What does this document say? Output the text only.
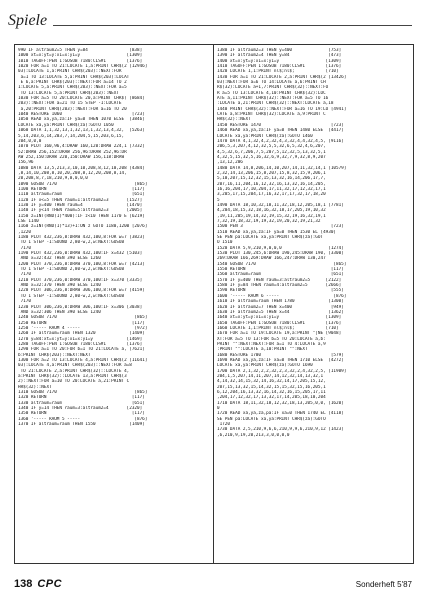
Spiele
990 IF altraum2=5 THEN y=84                [838]
1000 xt=x:yt=y:x1=x:y1=y                  [1309]
1010 TAGOFF:PEN 1:GOSUB 7180:CLS#1        [1376]
1020 FOR a=1 TO 21:LOCATE 1,a:PRINT CHR$(2 [12946]
03):LOCATE 1,a:PRINT CHR$(203)::NEXT:FOR
a=1 TO 13:LOCATE 5,a:PRINT CHR$(203):LOCAT
E 6,a:PRINT CHR$(203)::NEXT:FOR a=14 TO 2
1:LOCATE 5,a:PRINT CHR$(203)::NEXT:FOR a=5
TO 13:LOCATE 5,a:PRINT CHR$(203)::NEXT
1030 FOR a=5 TO 20:LOCATE 20,a:PRINT CHR$( [8684]
203)::NEXT:FOR a=21 TO 15 STEP -1:LOCATE
a,20:PRINT CHR$(203)::NEXT:FOR a=16 TO 20
1040 RESTORE 1060                           [723]
1050 READ xa,ya,za:IF ya=0 THEN 1070 ELSE  [3846]
LOCATE xa,ya:PRINT CHR$(za):GOTO 1050
1060 DATA 1,1,32,13,1,32,13,1,32,13,4,32,  [5263]
5,14,203,6,14,203,7,14,204,5,15,203,6,15,
204,0,0,0
1070 PLOT 160,96,4:DRAW 160,120:DRAW 224,1 [7332]
52:DRAW 256,152:DRAW 256,96:DRAW 252,96:DR
AW 252,150:DRAW 220,150:DRAW 156,118:DRAW
156,96
1080 DATA 13,5,213,3,10,10,208,8,12,10,208 [4384]
,8,14,10,208,8,10,20,208,8,12,20,208,8,14,
20,208,8,7,18,210,9,0,0,0,0
1090 GOSUB 7170                              [865]
1100 RETURN                                 [117]
1110 altraum=raum                           [651]
1120 IF x<=5 THEN raum=1:altraum2=3       [1527]
1130 IF y=400 THEN raum=4                 [1470]
1140 IF y<14 THEN raum=5:altraum2=3       [2005]
1150 z=INT(RND(1)*400):IF z<10 THEN 1170 E [6219]
LSE 1140
1160 z=INT(RND(1)*13)+1:ON z GOTO 1180,1200 [2076]
,1220
1180 PLOT 432,236,8:DRAW 432,100,8:FOR w=7 [3823]
TO 1 STEP -1:SOUND 2,80-w,2,w:NEXT:GOSUB
7170
1190 PLOT 432,236,0:DRAW 432,100:IF x=432 [5103]
AND x=32:432 THEN 390 ELSE 1260
1200 PLOT 370,236,8:DRAW 370,100,8:FOR w=7 [4213]
TO 1 STEP -1:SOUND 2,80-w,2,w:NEXT:GOSUB
7170
1210 PLOT 370,236,0:DRAW 370,100:IF x=370 [3335]
AND x=32:370 THEN 390 ELSE 1240
1220 PLOT 306,236,8:DRAW 306,100,8:FOR w=7 [4159]
TO 1 STEP -1:SOUND 2,80-w,2,w:NEXT:GOSUB
7170
1230 PLOT 306,236,0:DRAW 306,100:IF x=306 [3038]
AND x=32:306 THEN 390 ELSE 1240
1240 GOSUB 7170                              [865]
1250 RETURN                                 [117]
1250 '----- RAUM 4 -----                     [972]
1260 IF altraum=raum THEN 1320             [1409]
1270 y=84:xt=x:yt=y:x1=x:y1=y             [1469]
1280 TAGOFF:PEN 1:GOSUB 7180:CLS#1        [1376]
1290 FOR a=1 TO 20:FOR b=1 TO 21:LOCATE a, [7621]
b:PRINT CHR$(203)::NEXT:NEXT
1300 FOR a=2 TO 13:LOCATE 4,a:PRINT CHR$(2 [11641]
03):LOCATE 4,a:PRINT CHR$(203)::NEXT:FOR a=8
TO 21:LOCATE 2,a:PRINT CHR$(32)::LOCATE 4,
a:PRINT CHR$(32)::LOCATE 13,a:PRINT CHR$(3
2)::NEXT:FOR a=10 TO 20:LOCATE a,21:PRINT C
HR$(32)::NEXT
1310 GOSUB 7170                              [865]
1320 RETURN                                 [117]
1330 altraum=raum                           [651]
1340 IF y=14 THEN raum=3:altraum2=4       [2320]
1350 RETURN                                 [117]
1360 '----- RAUM 5 -----                     [876]
1370 IF altraum=raum THEN 1550             [1409]
1380 IF altraum2=3 THEN y=400              [753]
1390 IF altraum2=4 THEN y=84               [473]
1400 xt=x:yt=y:x1=x:y1=y                  [1309]
1410 TAGOFF:PEN 1:GOSUB 7180:CLS#1        [1376]
1420 LOCATE 1,1:PRINT nl$;nl$;            [710]
1430 FOR a=1 TO 21:LOCATE 2,a:PRINT CHR$(2 [13426]
03):NEXT:FOR a=6 TO 14:LOCATE a,6:PRINT CH
R$(32):LOCATE a+1,7:PRINT CHR$(32)::NEXT:FO
R a=5 TO 13:LOCATE 4,10:PRINT CHR$(32):LOC
ATE a,11:PRINT CHR$(32)::NEXT:FOR a=5 TO 16
:LOCATE a,21:PRINT CHR$(32)::NEXT:LOCATE a,18
1440 PRINT CHR$(32)::NEXT:FOR a=16 TO 19:LO [4941]
CATE a,8:PRINT CHR$(32):LOCATE a,9:PRINT C
HR$(32)::NEXT
1450 RESTORE 1470                           [723]
1460 READ xa,ya,za:IF ya=0 THEN 1480 ELSE  [4417]
LOCATE xa,ya:PRINT CHR$(za):GOTO 1460
1470 DATA 4,1,32,4,2,32,4,3,32,4,4,32,4,5, [9116]
206,5,3,207,4,12,32,5,5,32,6,5,32,4,6,207,
4,5,32,6,7,206,7,5,207,5,12,32,5,13,32,5,1
4,32,5,15,32,5,16,32,6,9,32,7,9,32,8,9,207
,13,12,206
1480 DATA 14,8,206,14,10,207,14,11,32,14,1 [10579]
2,32,14,13,206,15,8,207,15,8,32,15,9,206,1
5,10,207,15,12,32,15,13,32,16,14,206,17,7,
207,16,11,204,16,12,32,16,13,32,16,14,205,
16,16,204,17,10,204,17,11,32,17,12,32,17,1
3,205,17,15,204,17,16,32,17,17,32,17,18,20
5
1490 DATA 18,10,32,18,11,32,18,12,205,18,1 [7781]
4,204,18,15,32,18,16,32,18,17,205,19,10,32
,19,11,205,19,14,32,19,15,32,19,16,32,19,1
7,32,19,18,32,19,19,32,19,20,32,19,21,32
1500 PEN 3                                  [723]
1510 READ xa,ya,za:IF ya=0 THEN 1530 EL [4930]
SE PEN pa:LOCATE xa,ya:PRINT CHR$(za):GOT
O 1510
1520 DATA 5,9,210,9,0,0,0                  [1274]
1530 PLOT 130,245,6:DRAW 190,245:DRAW 190, [3300]
269:DRAW 166,269:DRAW 166,247:DRAW 130,247
1540 GOSUB 7170                              [865]
1550 RETURN                                 [117]
1560 altraum=raum                           [651]
1570 IF y=400 THEN raum=3:altraum2=5      [2122]
1580 IF y=84 THEN raum=4:altraum2=5       [2666]
1590 RETURN                                 [555]
1600 '----- RAUM 6 -----                     [876]
1610 IF altraum=raum THEN 1780             [1300]
1620 IF altraum2=7 THEN x=400               [949]
1630 IF altraum2=5 THEN x=44               [1362]
1640 xt=x:yt=y:x1=x:y1=y                  [1309]
1650 TAGOFF:PEN 1:GOSUB 7180:CLS#1        [1376]
1660 LOCATE 1,1:PRINT nl$;nl$;            [710]
1670 FOR a=1 TO 19:LOCATE 19,a:PRINT "|NE [9048]
XT:FOR a=5 TO 13:FOR b=5 TO 20:LOCATE a,b:
PRINT "":NEXT:NEXT:FOR a=1 TO 4:LOCATE a,9
:PRINT "":LOCATE a,10:PRINT "":NEXT
1680 RESTORE 1700                           [579]
1690 READ xa,ya,za:IF xa=0 THEN 1710 ELSE  [4272]
LOCATE xa,ya:PRINT CHR$(za):GOTO 1690
1700 DATA 2,1,32,2,2,32,2,3,32,2,4,32,2,5, [11909]
204,1,5,207,14,11,207,14,12,32,14,13,32,1
4,14,32,14,15,32,14,16,32,14,17,205,15,12,
207,15,13,32,15,14,32,15,15,32,15,16,205,1
6,12,204,16,13,32,16,14,32,16,15,205,17,11
,204,17,12,32,17,13,32,17,14,205,18,10,204
1710 DATA 18,11,32,18,12,32,18,13,205,0,0, [1620]
0
1720 READ xa,ya,za,pa:IF xa=0 THEN 1740 EL [4118]
SE PEN pa:LOCATE xa,ya:PRINT CHR$(za):GOTO
1720
1730 DATA 2,5,210,9,6,6,210,9,9,6,210,9,12 [1423]
,6,210,9,19,20,213,3,0,0,0,0
138 CPC	Sonderheft 5'87
